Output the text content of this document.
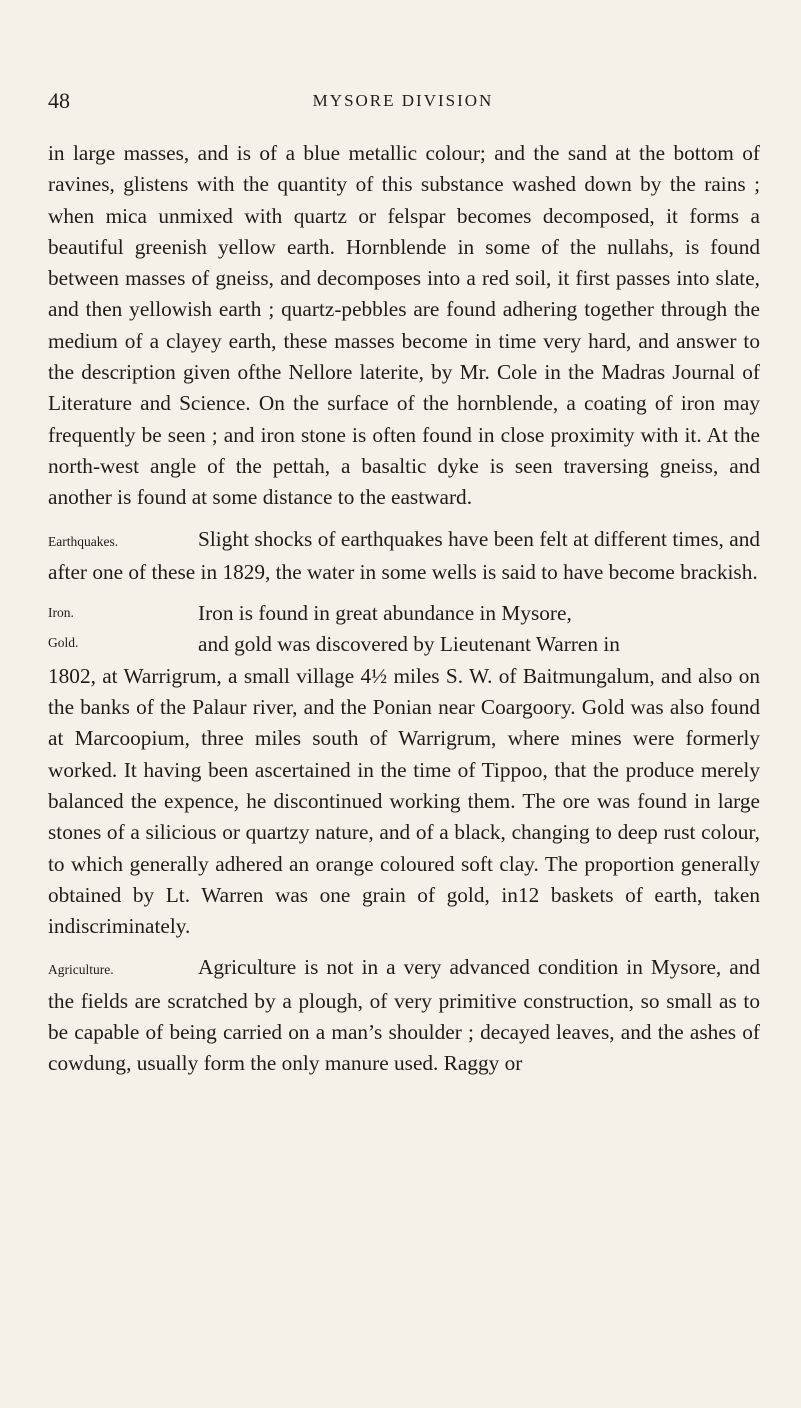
48	MYSORE DIVISION

in large masses, and is of a blue metallic colour; and the sand at the bottom of ravines, glistens with the quantity of this substance washed down by the rains ; when mica unmixed with quartz or felspar becomes decomposed, it forms a beautiful greenish yellow earth. Hornblende in some of the nullahs, is found between masses of gneiss, and decomposes into a red soil, it first passes into slate, and then yellowish earth ; quartz-pebbles are found adhering together through the medium of a clayey earth, these masses become in time very hard, and answer to the description given ofthe Nellore laterite, by Mr. Cole in the Madras Journal of Literature and Science. On the surface of the hornblende, a coating of iron may frequently be seen ; and iron stone is often found in close proximity with it. At the north-west angle of the pettah, a basaltic dyke is seen traversing gneiss, and another is found at some distance to the eastward.

Earthquakes.	Slight shocks of earthquakes have been felt at different times, and after one of these in 1829, the water in some wells is said to have become brackish.

Iron.
Gold.
Iron is found in great abundance in Mysore,
and gold was discovered by Lieutenant Warren in
1802, at Warrigrum, a small village 4½ miles S. W. of Baitmungalum, and also on the banks of the Palaur river, and the Ponian near Coargoory. Gold was also found at Marcoopium, three miles south of Warrigrum, where mines were formerly worked. It having been ascertained in the time of Tippoo, that the produce merely balanced the expence, he discontinued working them. The ore was found in large stones of a silicious or quartzy nature, and of a black, changing to deep rust colour, to which generally adhered an orange coloured soft clay. The proportion generally obtained by Lt. Warren was one grain of gold, in12 baskets of earth, taken indiscriminately.

Agriculture.	Agriculture is not in a very advanced condition in Mysore, and the fields are scratched by a plough, of very primitive construction, so small as to be capable of being carried on a man’s shoulder ; decayed leaves, and the ashes of cowdung, usually form the only manure used. Raggy or
